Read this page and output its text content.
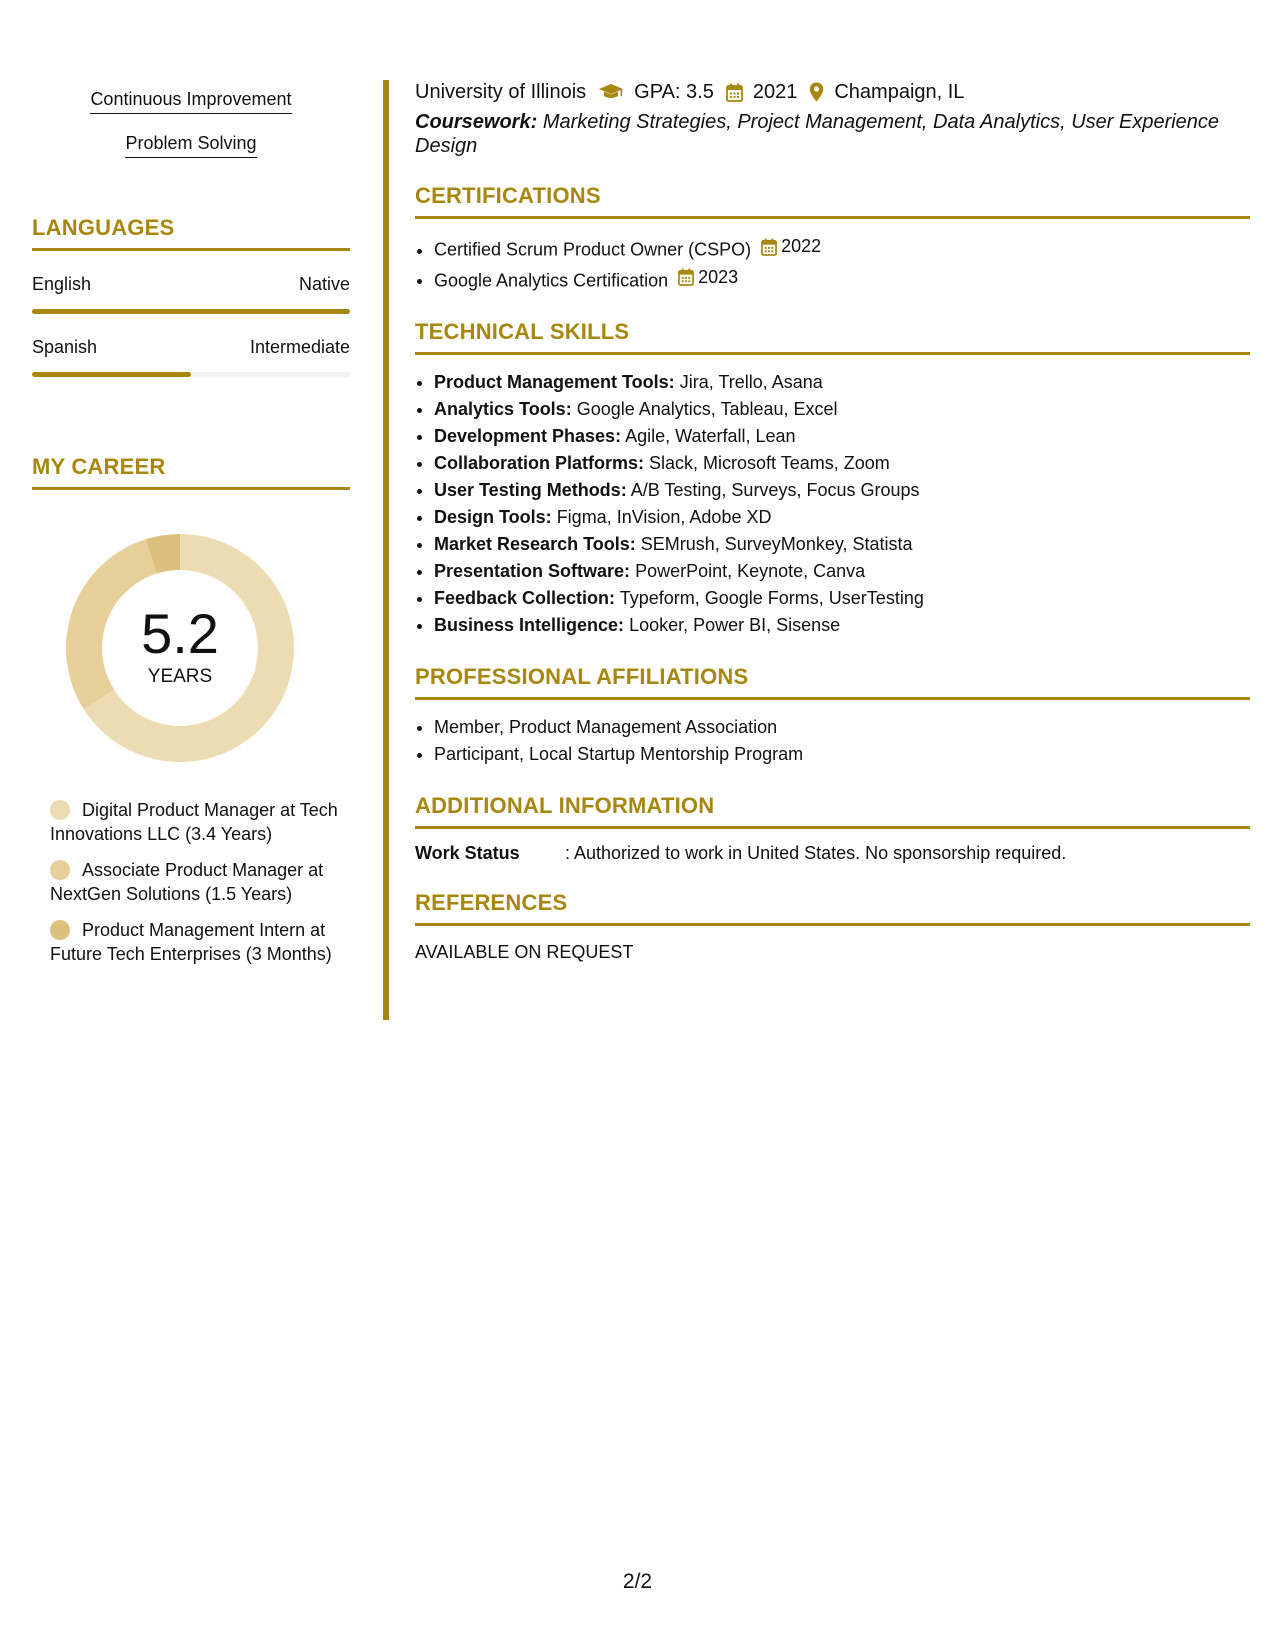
Continuous Improvement
Problem Solving
LANGUAGES
English	Native
Spanish	Intermediate
MY CAREER
5.2
YEARS
Digital Product Manager at Tech Innovations LLC (3.4 Years)
Associate Product Manager at NextGen Solutions (1.5 Years)
Product Management Intern at Future Tech Enterprises (3 Months)
University of Illinois GPA: 3.5 2021 Champaign, IL
Coursework: Marketing Strategies, Project Management, Data Analytics, User Experience Design
CERTIFICATIONS
• Certified Scrum Product Owner (CSPO) 2022
• Google Analytics Certification 2023
TECHNICAL SKILLS
• Product Management Tools: Jira, Trello, Asana
• Analytics Tools: Google Analytics, Tableau, Excel
• Development Phases: Agile, Waterfall, Lean
• Collaboration Platforms: Slack, Microsoft Teams, Zoom
• User Testing Methods: A/B Testing, Surveys, Focus Groups
• Design Tools: Figma, InVision, Adobe XD
• Market Research Tools: SEMrush, SurveyMonkey, Statista
• Presentation Software: PowerPoint, Keynote, Canva
• Feedback Collection: Typeform, Google Forms, UserTesting
• Business Intelligence: Looker, Power BI, Sisense
PROFESSIONAL AFFILIATIONS
• Member, Product Management Association
• Participant, Local Startup Mentorship Program
ADDITIONAL INFORMATION
Work Status	: Authorized to work in United States. No sponsorship required.
REFERENCES
AVAILABLE ON REQUEST
2/2
